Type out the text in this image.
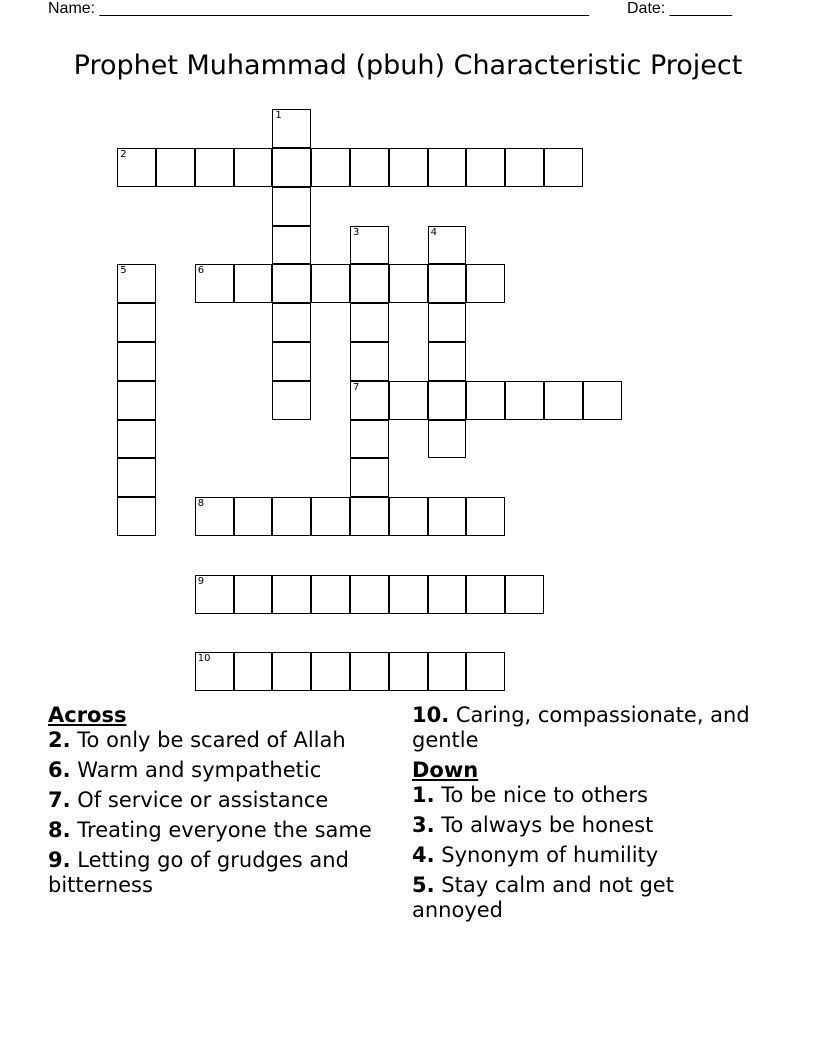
Name: _______________________________________________________ Date: _______
Prophet Muhammad (pbuh) Characteristic Project
1
2
3
7
4
5	6
8
9
10

Across

2. To only be scared of Allah

6. Warm and sympathetic

7. Of service or assistance

8. Treating everyone the same

9. Letting go of grudges and bitterness

10. Caring, compassionate, and gentle

Down

1. To be nice to others

3. To always be honest

4. Synonym of humility

5. Stay calm and not get annoyed
